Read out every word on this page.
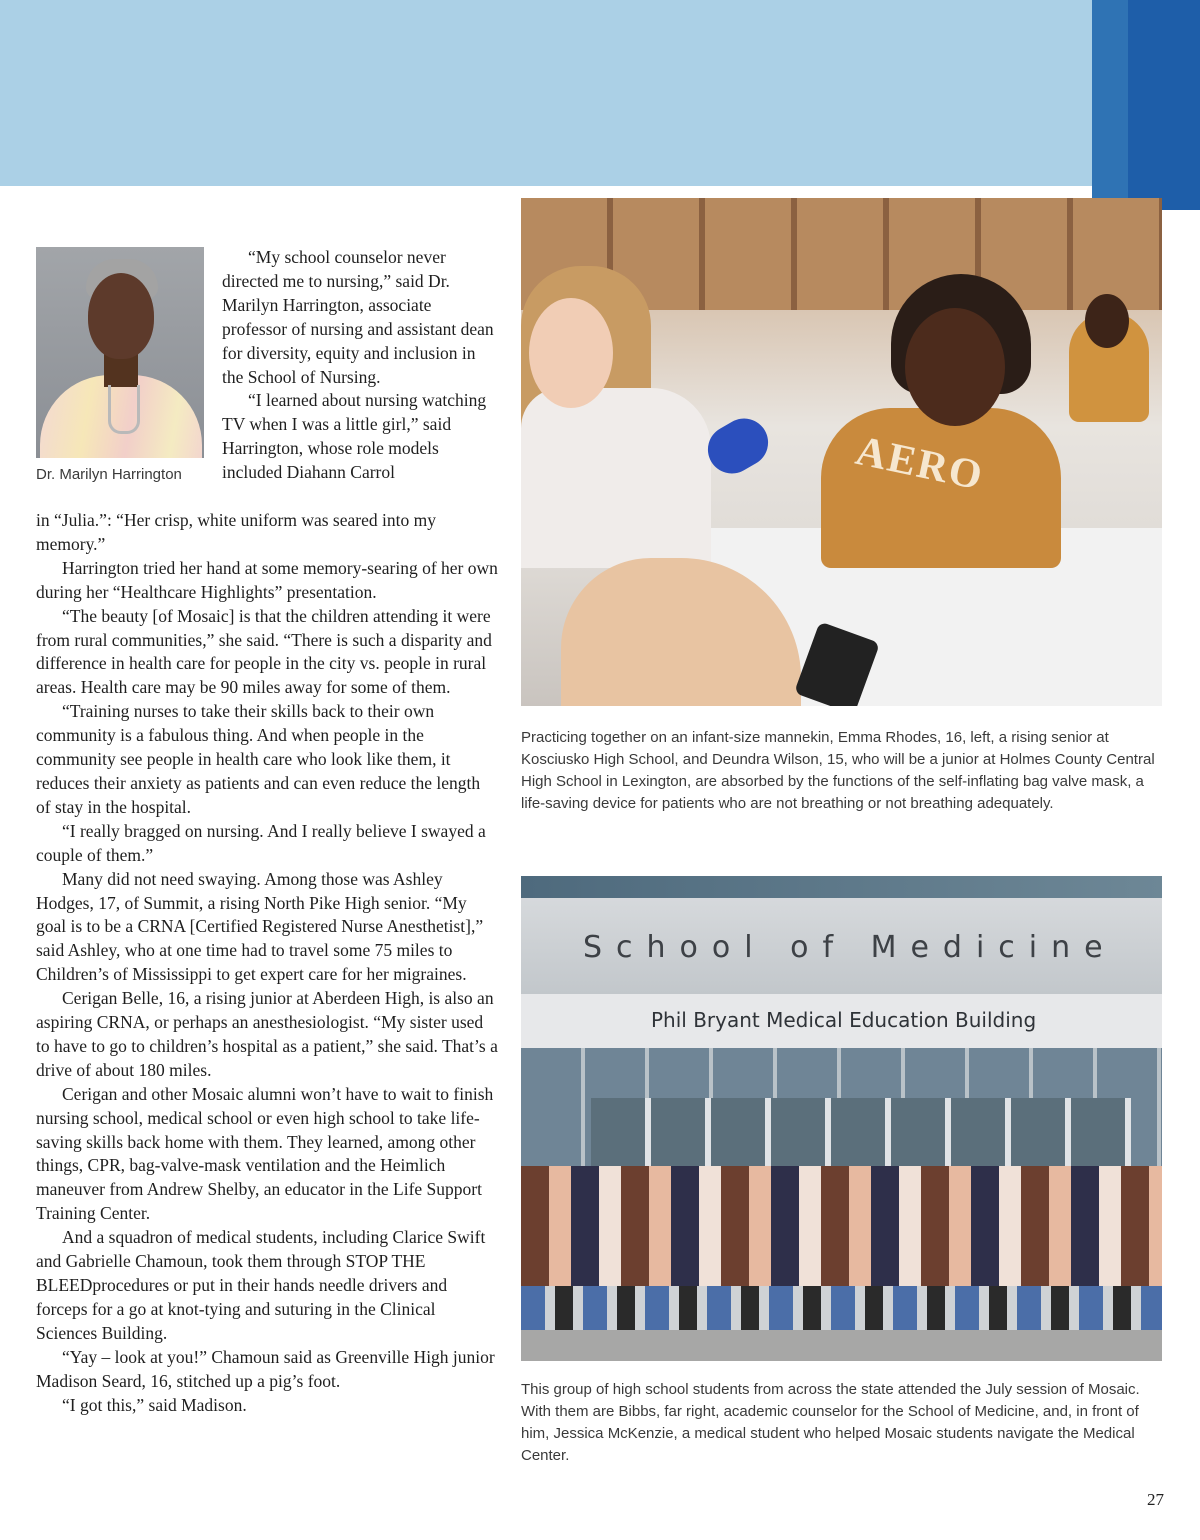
Dr. Marilyn Harrington

“My school counselor never directed me to nursing,” said Dr. Marilyn Harrington, associate professor of nursing and assistant dean for diversity, equity and inclusion in the School of Nursing.

“I learned about nursing watching TV when I was a little girl,” said Harrington, whose role models included Diahann Carrol

in “Julia.”: “Her crisp, white uniform was seared into my memory.”

Harrington tried her hand at some memory-searing of her own during her “Healthcare Highlights” presentation.

“The beauty [of Mosaic] is that the children attending it were from rural communities,” she said. “There is such a disparity and difference in health care for people in the city vs. people in rural areas. Health care may be 90 miles away for some of them.

“Training nurses to take their skills back to their own community is a fabulous thing. And when people in the community see people in health care who look like them, it reduces their anxiety as patients and can even reduce the length of stay in the hospital.

“I really bragged on nursing. And I really believe I swayed a couple of them.”

Many did not need swaying. Among those was Ashley Hodges, 17, of Summit, a rising North Pike High senior. “My goal is to be a CRNA [Certified Registered Nurse Anesthetist],” said Ashley, who at one time had to travel some 75 miles to Children’s of Mississippi to get expert care for her migraines.

Cerigan Belle, 16, a rising junior at Aberdeen High, is also an aspiring CRNA, or perhaps an anesthesiologist. “My sister used to have to go to children’s hospital as a patient,” she said. That’s a drive of about 180 miles.

Cerigan and other Mosaic alumni won’t have to wait to finish nursing school, medical school or even high school to take life-saving skills back home with them. They learned, among other things, CPR, bag-valve-mask ventilation and the Heimlich maneuver from Andrew Shelby, an educator in the Life Support Training Center.

And a squadron of medical students, including Clarice Swift and Gabrielle Chamoun, took them through STOP THE BLEEDprocedures or put in their hands needle drivers and forceps for a go at knot-tying and suturing in the Clinical Sciences Building.

“Yay – look at you!” Chamoun said as Greenville High junior Madison Seard, 16, stitched up a pig’s foot.

“I got this,” said Madison.

AERO
Practicing together on an infant-size mannekin, Emma Rhodes, 16, left, a rising senior at Kosciusko High School, and Deundra Wilson, 15, who will be a junior at Holmes County Central High School in Lexington, are absorbed by the functions of the self-inflating bag valve mask, a life-saving device for patients who are not breathing or not breathing adequately.
School of Medicine
Phil Bryant Medical Education Building
This group of high school students from across the state attended the July session of Mosaic. With them are Bibbs, far right, academic counselor for the School of Medicine, and, in front of him, Jessica McKenzie, a medical student who helped Mosaic students navigate the Medical Center.
27
